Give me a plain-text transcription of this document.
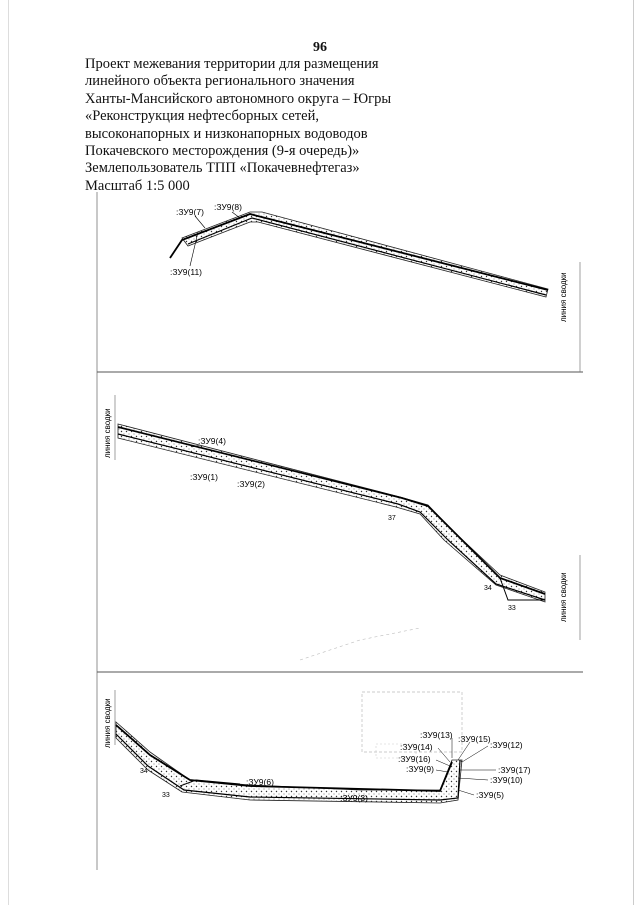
96
Проект межевания территории для размещения
линейного объекта регионального значения
Ханты-Мансийского автономного округа – Югры
«Реконструкция нефтесборных сетей,
высоконапорных и низконапорных водоводов
Покачевского месторождения (9-я очередь)»
Землепользователь ТПП «Покачевнефтегаз»
Масштаб 1:5 000
:ЗУ9(7) :ЗУ9(8)
:ЗУ9(11)
линия сводки
:ЗУ9(4)
:ЗУ9(1)
:ЗУ9(2)
37
34
33
линия сводки
линия сводки
:ЗУ9(6)
:ЗУ9(3)
:ЗУ9(13) :ЗУ9(15)
:ЗУ9(14)	:ЗУ9(12)
:ЗУ9(16)
:ЗУ9(9)	:ЗУ9(17)
:ЗУ9(10)
:ЗУ9(5)
34
33
линия сводки
